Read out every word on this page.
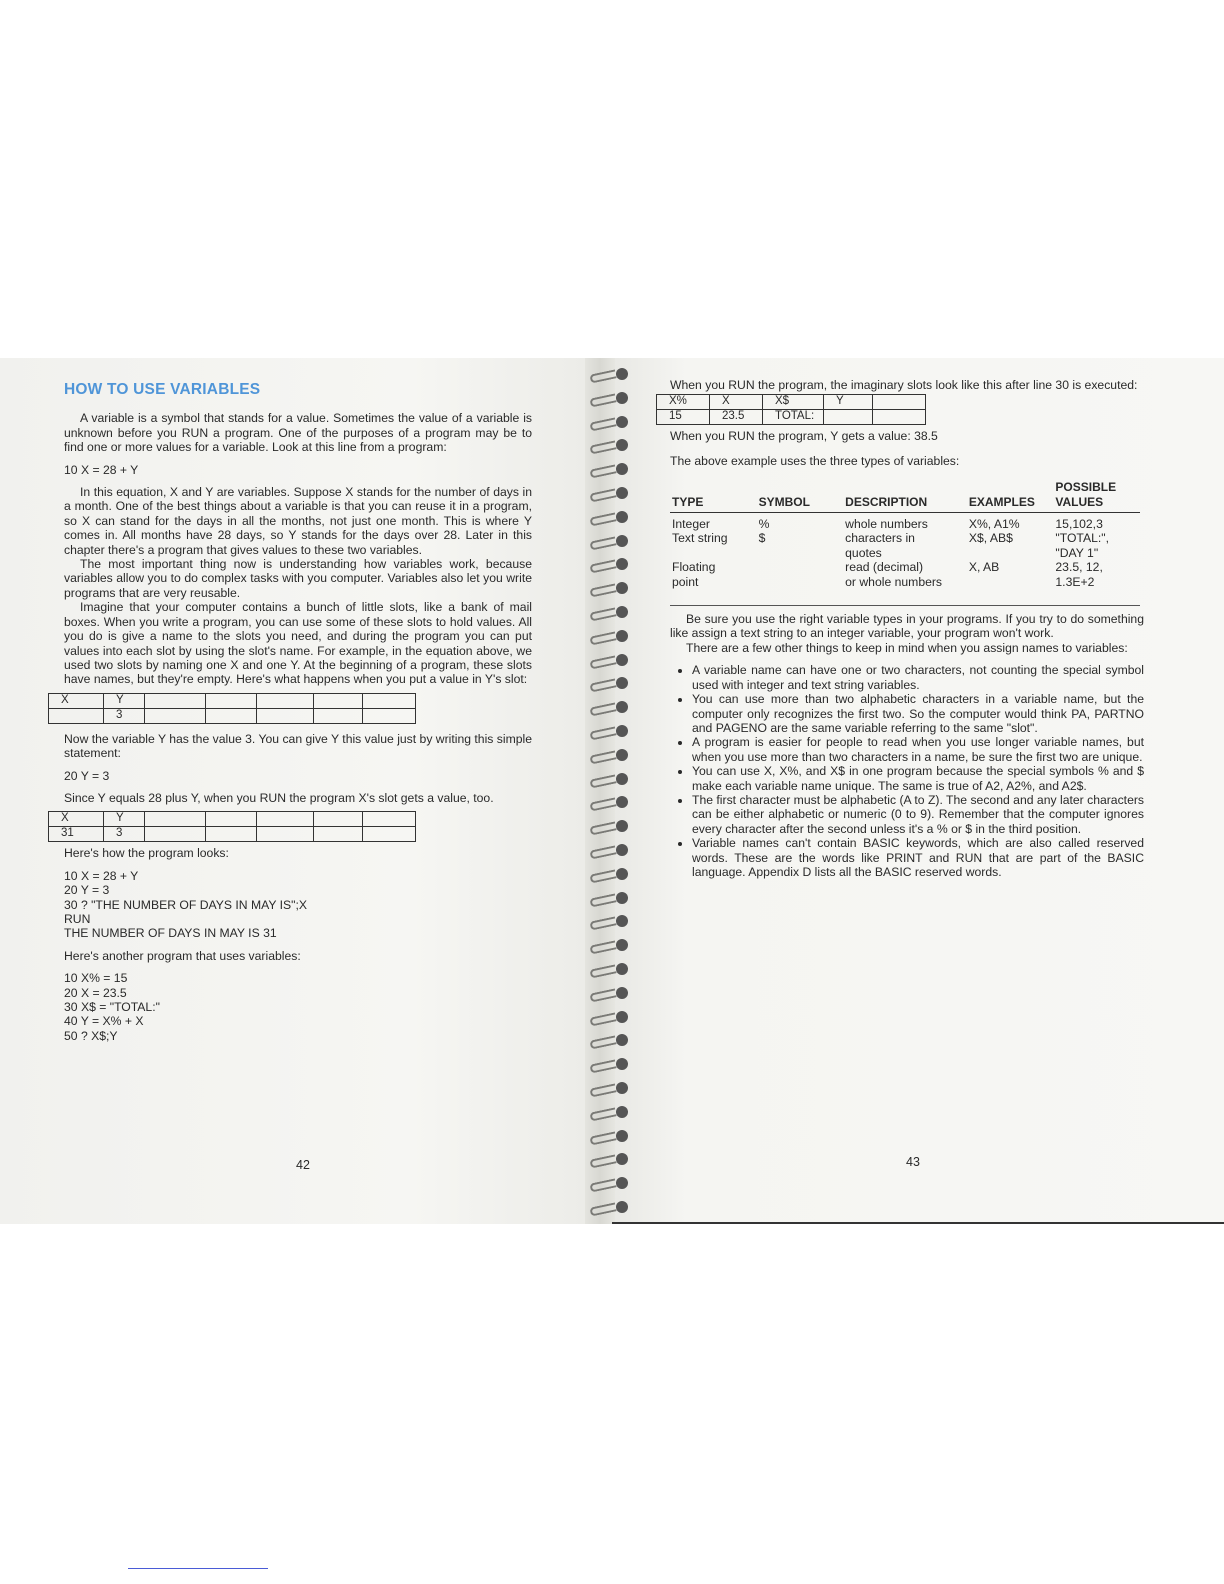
HOW TO USE VARIABLES

A variable is a symbol that stands for a value. Sometimes the value of a variable is unknown before you RUN a program. One of the purposes of a program may be to find one or more values for a variable. Look at this line from a program:

10 X = 28 + Y

In this equation, X and Y are variables. Suppose X stands for the number of days in a month. One of the best things about a variable is that you can reuse it in a program, so X can stand for the days in all the months, not just one month. This is where Y comes in. All months have 28 days, so Y stands for the days over 28. Later in this chapter there's a program that gives values to these two variables.

The most important thing now is understanding how variables work, because variables allow you to do complex tasks with you computer. Variables also let you write programs that are very reusable.

Imagine that your computer contains a bunch of little slots, like a bank of mail boxes. When you write a program, you can use some of these slots to hold values. All you do is give a name to the slots you need, and during the program you can put values into each slot by using the slot's name. For example, in the equation above, we used two slots by naming one X and one Y. At the beginning of a program, these slots have names, but they're empty. Here's what happens when you put a value in Y's slot:

X	Y					
	3					

Now the variable Y has the value 3. You can give Y this value just by writing this simple statement:

20 Y = 3

Since Y equals 28 plus Y, when you RUN the program X's slot gets a value, too.

X	Y					
31	3					

Here's how the program looks:

10 X = 28 + Y
20 Y = 3
30 ? "THE NUMBER OF DAYS IN MAY IS";X
RUN
THE NUMBER OF DAYS IN MAY IS 31

Here's another program that uses variables:

10 X% = 15
20 X = 23.5
30 X$ = "TOTAL:"
40 Y = X% + X
50 ? X$;Y
42

When you RUN the program, the imaginary slots look like this after line 30 is executed:

X%	X	X$	Y	
15	23.5	TOTAL:		

When you RUN the program, Y gets a value: 38.5

The above example uses the three types of variables:

TYPE	SYMBOL	DESCRIPTION	EXAMPLES	POSSIBLE
VALUES
Integer	%	whole numbers	X%, A1%	15,102,3
Text string	$	characters in	X$, AB$	"TOTAL:",
		quotes		"DAY 1"
Floating		read (decimal)	X, AB	23.5, 12,
point		or whole numbers		1.3E+2

Be sure you use the right variable types in your programs. If you try to do something like assign a text string to an integer variable, your program won't work.

There are a few other things to keep in mind when you assign names to variables:

• A variable name can have one or two characters, not counting the special symbol used with integer and text string variables.
• You can use more than two alphabetic characters in a variable name, but the computer only recognizes the first two. So the computer would think PA, PARTNO and PAGENO are the same variable referring to the same "slot".
• A program is easier for people to read when you use longer variable names, but when you use more than two characters in a name, be sure the first two are unique.
• You can use X, X%, and X$ in one program because the special symbols % and $ make each variable name unique. The same is true of A2, A2%, and A2$.
• The first character must be alphabetic (A to Z). The second and any later characters can be either alphabetic or numeric (0 to 9). Remember that the computer ignores every character after the second unless it's a % or $ in the third position.
• Variable names can't contain BASIC keywords, which are also called reserved words. These are the words like PRINT and RUN that are part of the BASIC language. Appendix D lists all the BASIC reserved words.
43
